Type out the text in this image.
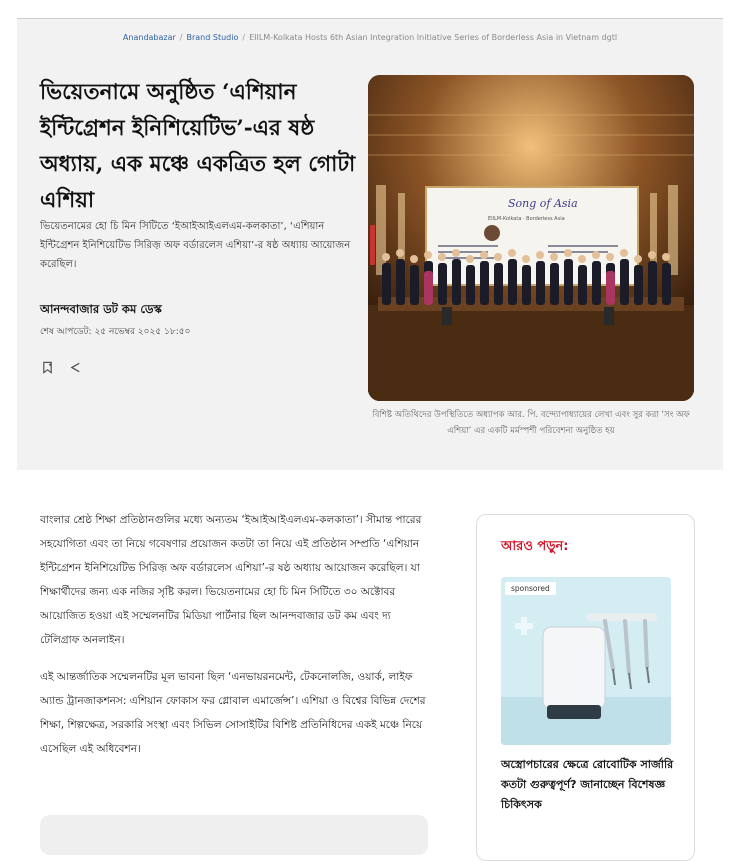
Anandabazar / Brand Studio / EIILM-Kolkata Hosts 6th Asian Integration Initiative Series of Borderless Asia in Vietnam dgtl
ভিয়েতনামে অনুষ্ঠিত ‘এশিয়ান ইন্টিগ্রেশন ইনিশিয়েটিভ’-এর ষষ্ঠ অধ্যায়, এক মঞ্চে একত্রিত হল গোটা এশিয়া

ভিয়েতনামের হো চি মিন সিটিতে ‘ইআইআইএলএম-কলকাতা’, ‘এশিয়ান ইন্টিগ্রেশন ইনিশিয়েটিভ সিরিজ় অফ বর্ডারলেস এশিয়া’-র ষষ্ঠ অধ্যায় আয়োজন করেছিল।

আনন্দবাজার ডট কম ডেস্ক
শেষ আপডেট: ২৫ নভেম্বর ২০২৫ ১৮:৫০
Song of Asia
EIILM-Kolkata · Borderless Asia

বিশিষ্ট অতিথিদের উপস্থিতিতে অধ্যাপক আর. পি. বন্দ্যোপাধ্যায়ের লেখা এবং সুর করা ‘সং অফ এশিয়া’ এর একটি মর্মস্পর্শী পরিবেশনা অনুষ্ঠিত হয়

বাংলার শ্রেষ্ঠ শিক্ষা প্রতিষ্ঠানগুলির মধ্যে অন্যতম ‘ইআইআইএলএম-কলকাতা’। সীমান্ত পারের সহযোগিতা এবং তা নিয়ে গবেষণার প্রয়োজন কতটা তা নিয়ে এই প্রতিষ্ঠান সম্প্রতি ‘এশিয়ান ইন্টিগ্রেশন ইনিশিয়েটিভ সিরিজ় অফ বর্ডারলেস এশিয়া’-র ষষ্ঠ অধ্যায় আয়োজন করেছিল। যা শিক্ষার্থীদের জন্য এক নজির সৃষ্টি করল। ভিয়েতনামের হো চি মিন সিটিতে ৩০ অক্টোবর আয়োজিত হওয়া এই সম্মেলনটির মিডিয়া পার্টনার ছিল আনন্দবাজার ডট কম এবং দ্য টেলিগ্রাফ অনলাইন।

এই আন্তর্জাতিক সম্মেলনটির মূল ভাবনা ছিল ‘এনভায়রনমেন্ট, টেকনোলজি, ওয়ার্ক, লাইফ অ্যান্ড ট্রানজাকশনস: এশিয়ান ফোকাস ফর গ্লোবাল এমার্জেন্স’। এশিয়া ও বিশ্বের বিভিন্ন দেশের শিক্ষা, শিল্পক্ষেত্র, সরকারি সংস্থা এবং সিভিল সোসাইটির বিশিষ্ট প্রতিনিধিদের একই মঞ্চে নিয়ে এসেছিল এই অধিবেশন।

আরও পড়ুন:
sponsored
অস্ত্রোপচারের ক্ষেত্রে রোবোটিক সার্জারি কতটা গুরুত্বপূর্ণ? জানাচ্ছেন বিশেষজ্ঞ চিকিৎসক
